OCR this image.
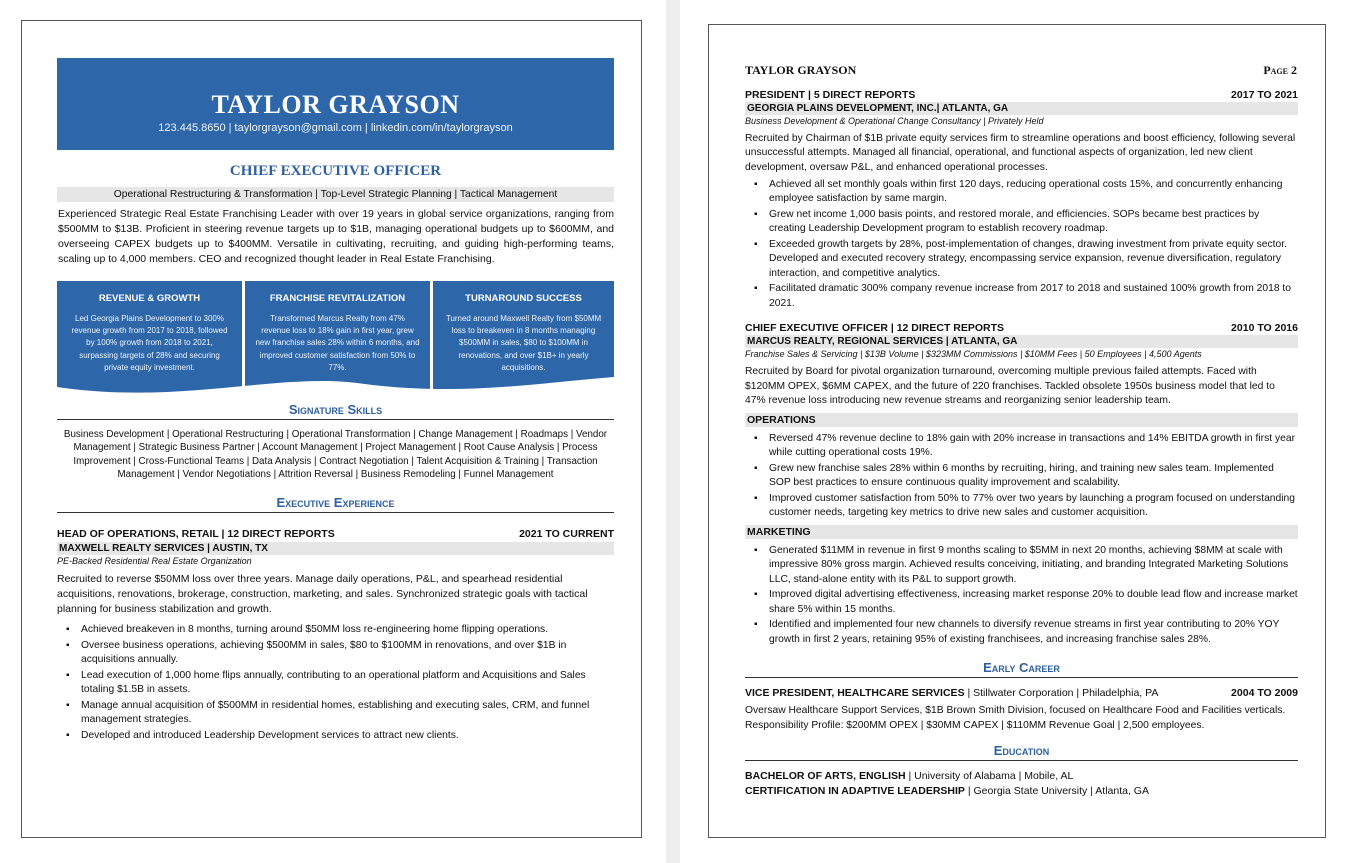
TAYLOR GRAYSON
123.445.8650 | taylorgrayson@gmail.com | linkedin.com/in/taylorgrayson
CHIEF EXECUTIVE OFFICER
Operational Restructuring & Transformation | Top-Level Strategic Planning | Tactical Management
Experienced Strategic Real Estate Franchising Leader with over 19 years in global service organizations, ranging from $500MM to $13B. Proficient in steering revenue targets up to $1B, managing operational budgets up to $600MM, and overseeing CAPEX budgets up to $400MM. Versatile in cultivating, recruiting, and guiding high-performing teams, scaling up to 4,000 members. CEO and recognized thought leader in Real Estate Franchising.
REVENUE & GROWTH

Led Georgia Plains Development to 300% revenue growth from 2017 to 2018, followed by 100% growth from 2018 to 2021, surpassing targets of 28% and securing private equity investment.

FRANCHISE REVITALIZATION

Transformed Marcus Realty from 47% revenue loss to 18% gain in first year, grew new franchise sales 28% within 6 months, and improved customer satisfaction from 50% to 77%.

TURNAROUND SUCCESS

Turned around Maxwell Realty from $50MM loss to breakeven in 8 months managing $500MM in sales, $80 to $100MM in renovations, and over $1B+ in yearly acquisitions.

Signature Skills
Business Development | Operational Restructuring | Operational Transformation | Change Management | Roadmaps | Vendor Management | Strategic Business Partner | Account Management | Project Management | Root Cause Analysis | Process Improvement | Cross-Functional Teams | Data Analysis | Contract Negotiation | Talent Acquisition & Training | Transaction Management | Vendor Negotiations | Attrition Reversal | Business Remodeling | Funnel Management
Executive Experience
HEAD OF OPERATIONS, RETAIL | 12 DIRECT REPORTS	2021 TO CURRENT
MAXWELL REALTY SERVICES | AUSTIN, TX
PE-Backed Residential Real Estate Organization
Recruited to reverse $50MM loss over three years. Manage daily operations, P&L, and spearhead residential acquisitions, renovations, brokerage, construction, marketing, and sales. Synchronized strategic goals with tactical planning for business stabilization and growth.
▪ Achieved breakeven in 8 months, turning around $50MM loss re-engineering home flipping operations.
▪ Oversee business operations, achieving $500MM in sales, $80 to $100MM in renovations, and over $1B in acquisitions annually.
▪ Lead execution of 1,000 home flips annually, contributing to an operational platform and Acquisitions and Sales totaling $1.5B in assets.
▪ Manage annual acquisition of $500MM in residential homes, establishing and executing sales, CRM, and funnel management strategies.
▪ Developed and introduced Leadership Development services to attract new clients.
TAYLOR GRAYSON	Page 2
PRESIDENT | 5 DIRECT REPORTS	2017 TO 2021
GEORGIA PLAINS DEVELOPMENT, INC.| ATLANTA, GA
Business Development & Operational Change Consultancy | Privately Held
Recruited by Chairman of $1B private equity services firm to streamline operations and boost efficiency, following several unsuccessful attempts. Managed all financial, operational, and functional aspects of organization, led new client development, oversaw P&L, and enhanced operational processes.
▪ Achieved all set monthly goals within first 120 days, reducing operational costs 15%, and concurrently enhancing employee satisfaction by same margin.
▪ Grew net income 1,000 basis points, and restored morale, and efficiencies. SOPs became best practices by creating Leadership Development program to establish recovery roadmap.
▪ Exceeded growth targets by 28%, post-implementation of changes, drawing investment from private equity sector. Developed and executed recovery strategy, encompassing service expansion, revenue diversification, regulatory interaction, and competitive analytics.
▪ Facilitated dramatic 300% company revenue increase from 2017 to 2018 and sustained 100% growth from 2018 to 2021.
CHIEF EXECUTIVE OFFICER | 12 DIRECT REPORTS	2010 TO 2016
MARCUS REALTY, REGIONAL SERVICES | ATLANTA, GA
Franchise Sales & Servicing | $13B Volume | $323MM Commissions | $10MM Fees | 50 Employees | 4,500 Agents
Recruited by Board for pivotal organization turnaround, overcoming multiple previous failed attempts. Faced with $120MM OPEX, $6MM CAPEX, and the future of 220 franchises. Tackled obsolete 1950s business model that led to 47% revenue loss introducing new revenue streams and reorganizing senior leadership team.
OPERATIONS
▪ Reversed 47% revenue decline to 18% gain with 20% increase in transactions and 14% EBITDA growth in first year while cutting operational costs 19%.
▪ Grew new franchise sales 28% within 6 months by recruiting, hiring, and training new sales team. Implemented SOP best practices to ensure continuous quality improvement and scalability.
▪ Improved customer satisfaction from 50% to 77% over two years by launching a program focused on understanding customer needs, targeting key metrics to drive new sales and customer acquisition.
MARKETING
▪ Generated $11MM in revenue in first 9 months scaling to $5MM in next 20 months, achieving $8MM at scale with impressive 80% gross margin. Achieved results conceiving, initiating, and branding Integrated Marketing Solutions LLC, stand-alone entity with its P&L to support growth.
▪ Improved digital advertising effectiveness, increasing market response 20% to double lead flow and increase market share 5% within 15 months.
▪ Identified and implemented four new channels to diversify revenue streams in first year contributing to 20% YOY growth in first 2 years, retaining 95% of existing franchisees, and increasing franchise sales 28%.
Early Career
VICE PRESIDENT, HEALTHCARE SERVICES | Stillwater Corporation | Philadelphia, PA	2004 TO 2009
Oversaw Healthcare Support Services, $1B Brown Smith Division, focused on Healthcare Food and Facilities verticals. Responsibility Profile: $200MM OPEX | $30MM CAPEX | $110MM Revenue Goal | 2,500 employees.
Education
BACHELOR OF ARTS, ENGLISH | University of Alabama | Mobile, AL
CERTIFICATION IN ADAPTIVE LEADERSHIP | Georgia State University | Atlanta, GA
